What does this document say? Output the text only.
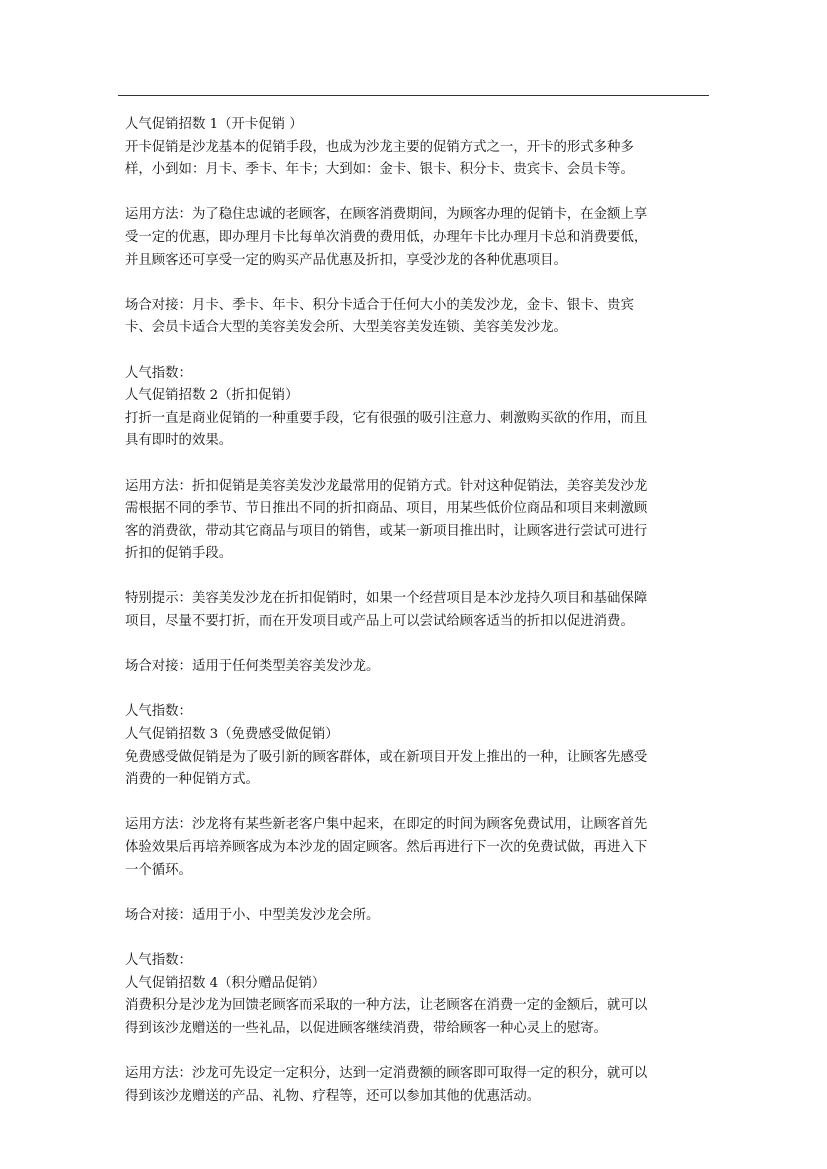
人气促销招数 1（开卡促销 ）
开卡促销是沙龙基本的促销手段，也成为沙龙主要的促销方式之一，开卡的形式多种多
样，小到如：月卡、季卡、年卡；大到如：金卡、银卡、积分卡、贵宾卡、会员卡等。
运用方法：为了稳住忠诚的老顾客，在顾客消费期间，为顾客办理的促销卡，在金额上享
受一定的优惠，即办理月卡比每单次消费的费用低，办理年卡比办理月卡总和消费要低，
并且顾客还可享受一定的购买产品优惠及折扣，享受沙龙的各种优惠项目。
场合对接：月卡、季卡、年卡、积分卡适合于任何大小的美发沙龙，金卡、银卡、贵宾
卡、会员卡适合大型的美容美发会所、大型美容美发连锁、美容美发沙龙。
人气指数：
人气促销招数 2（折扣促销）
打折一直是商业促销的一种重要手段，它有很强的吸引注意力、刺激购买欲的作用，而且
具有即时的效果。
运用方法：折扣促销是美容美发沙龙最常用的促销方式。针对这种促销法，美容美发沙龙
需根据不同的季节、节日推出不同的折扣商品、项目，用某些低价位商品和项目来刺激顾
客的消费欲，带动其它商品与项目的销售，或某一新项目推出时，让顾客进行尝试可进行
折扣的促销手段。
特别提示：美容美发沙龙在折扣促销时，如果一个经营项目是本沙龙持久项目和基础保障
项目，尽量不要打折，而在开发项目或产品上可以尝试给顾客适当的折扣以促进消费。
场合对接：适用于任何类型美容美发沙龙。
人气指数：
人气促销招数 3（免费感受做促销）
免费感受做促销是为了吸引新的顾客群体，或在新项目开发上推出的一种，让顾客先感受
消费的一种促销方式。
运用方法：沙龙将有某些新老客户集中起来，在即定的时间为顾客免费试用，让顾客首先
体验效果后再培养顾客成为本沙龙的固定顾客。然后再进行下一次的免费试做，再进入下
一个循环。
场合对接：适用于小、中型美发沙龙会所。
人气指数：
人气促销招数 4（积分赠品促销）
消费积分是沙龙为回馈老顾客而采取的一种方法，让老顾客在消费一定的金额后，就可以
得到该沙龙赠送的一些礼品，以促进顾客继续消费，带给顾客一种心灵上的慰寄。
运用方法：沙龙可先设定一定积分，达到一定消费额的顾客即可取得一定的积分，就可以
得到该沙龙赠送的产品、礼物、疗程等，还可以参加其他的优惠活动。
